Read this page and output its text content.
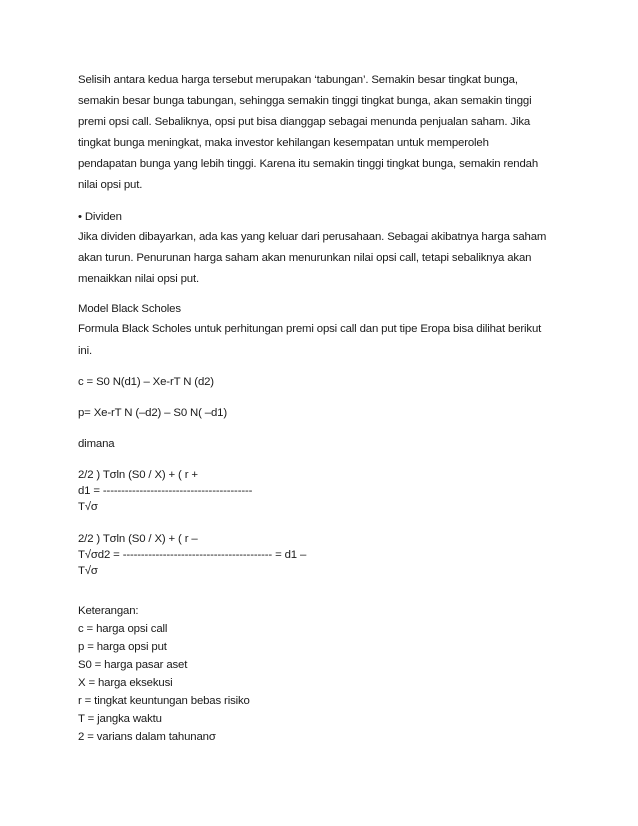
Selisih antara kedua harga tersebut merupakan ‘tabungan’. Semakin besar tingkat bunga,
semakin besar bunga tabungan, sehingga semakin tinggi tingkat bunga, akan semakin tinggi
premi opsi call. Sebaliknya, opsi put bisa dianggap sebagai menunda penjualan saham. Jika
tingkat bunga meningkat, maka investor kehilangan kesempatan untuk memperoleh
pendapatan bunga yang lebih tinggi. Karena itu semakin tinggi tingkat bunga, semakin rendah
nilai opsi put.
• Dividen
Jika dividen dibayarkan, ada kas yang keluar dari perusahaan. Sebagai akibatnya harga saham
akan turun. Penurunan harga saham akan menurunkan nilai opsi call, tetapi sebaliknya akan
menaikkan nilai opsi put.
Model Black Scholes
Formula Black Scholes untuk perhitungan premi opsi call dan put tipe Eropa bisa dilihat berikut
ini.
c = S0 N(d1) – Xe-rT N (d2)
p= Xe-rT N (–d2) – S0 N( –d1)
dimana
2/2 ) Tσln (S0 / X) + ( r +
d1 = -----------------------------------------
T√σ
2/2 ) Tσln (S0 / X) + ( r –
T√σd2 = ----------------------------------------- = d1 –
T√σ
Keterangan:
c = harga opsi call
p = harga opsi put
S0 = harga pasar aset
X = harga eksekusi
r = tingkat keuntungan bebas risiko
T = jangka waktu
2 = varians dalam tahunanσ
